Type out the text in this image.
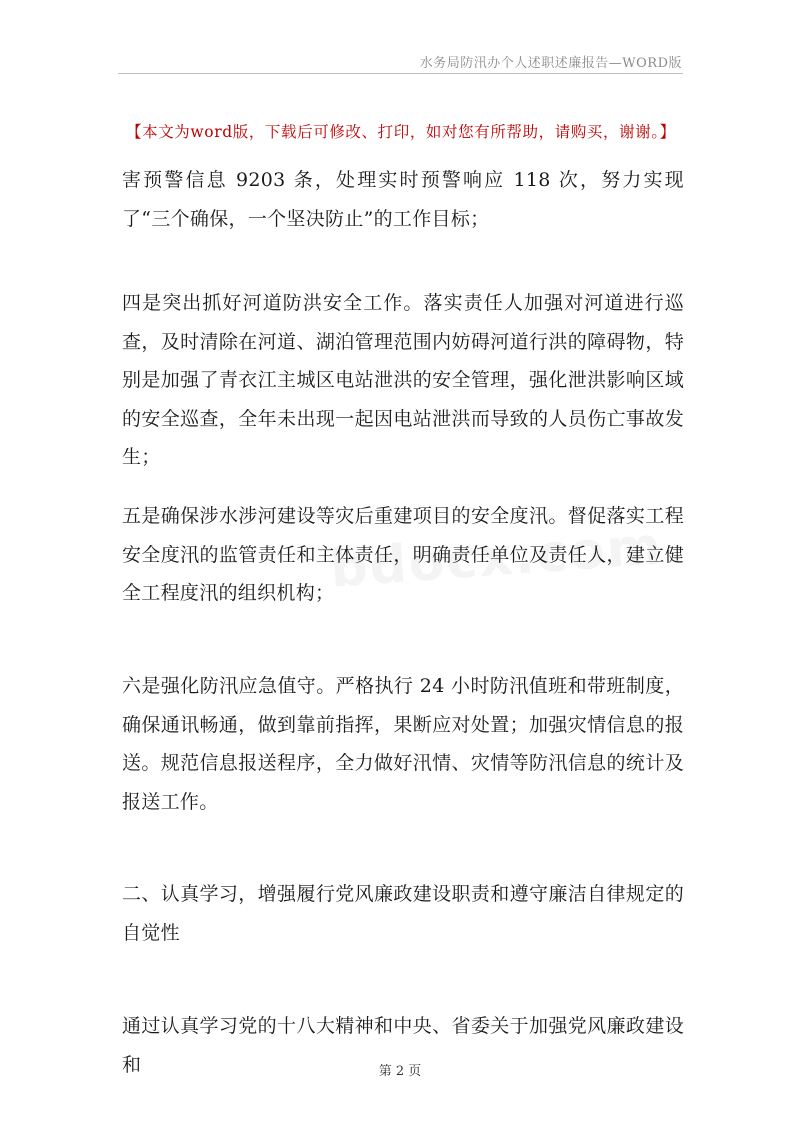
水务局防汛办个人述职述廉报告—WORD版
【本文为word版，下载后可修改、打印，如对您有所帮助，请购买，谢谢。】

害预警信息 9203 条，处理实时预警响应 118 次，努力实现了“三个确保，一个坚决防止”的工作目标；

四是突出抓好河道防洪安全工作。落实责任人加强对河道进行巡查，及时清除在河道、湖泊管理范围内妨碍河道行洪的障碍物，特别是加强了青衣江主城区电站泄洪的安全管理，强化泄洪影响区域的安全巡查，全年未出现一起因电站泄洪而导致的人员伤亡事故发生；

五是确保涉水涉河建设等灾后重建项目的安全度汛。督促落实工程安全度汛的监管责任和主体责任，明确责任单位及责任人，建立健全工程度汛的组织机构；

六是强化防汛应急值守。严格执行 24 小时防汛值班和带班制度，确保通讯畅通，做到靠前指挥，果断应对处置；加强灾情信息的报送。规范信息报送程序，全力做好汛情、灾情等防汛信息的统计及报送工作。

二、认真学习，增强履行党风廉政建设职责和遵守廉洁自律规定的自觉性

通过认真学习党的十八大精神和中央、省委关于加强党风廉政建设和	第 2 页
